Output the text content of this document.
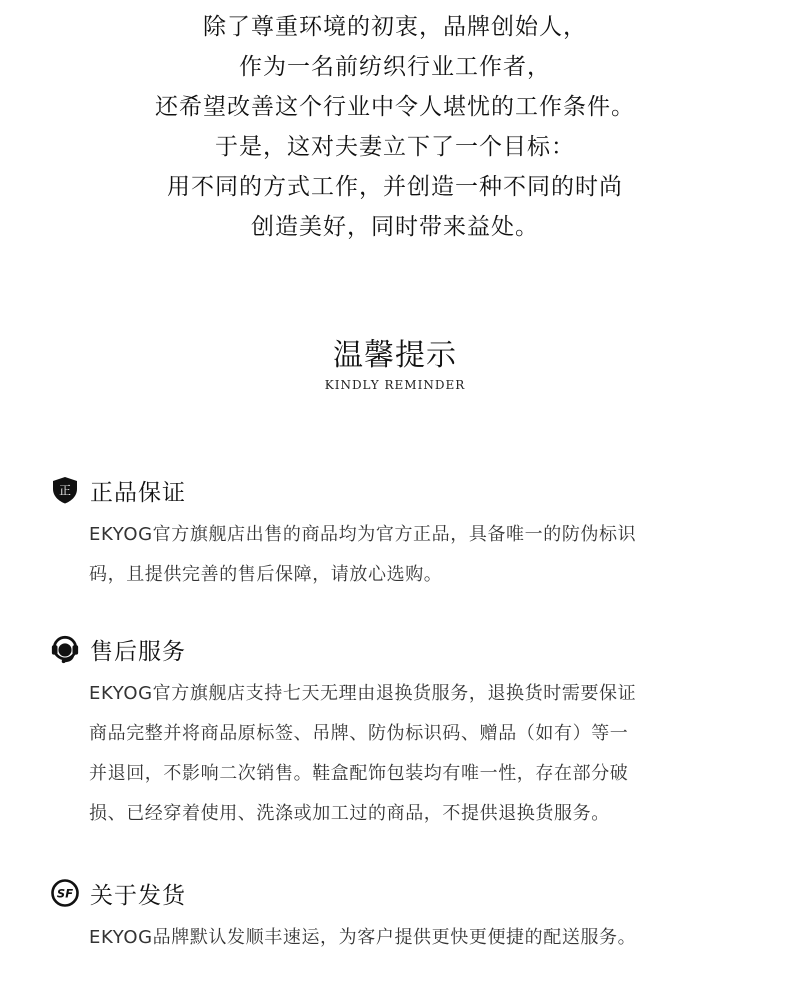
除了尊重环境的初衷，品牌创始人，
作为一名前纺织行业工作者，
还希望改善这个行业中令人堪忧的工作条件。
于是，这对夫妻立下了一个目标：
用不同的方式工作，并创造一种不同的时尚
创造美好，同时带来益处。
温馨提示
KINDLY REMINDER
正 正品保证
EKYOG官方旗舰店出售的商品均为官方正品，具备唯一的防伪标识
码，且提供完善的售后保障，请放心选购。
售后服务
EKYOG官方旗舰店支持七天无理由退换货服务，退换货时需要保证
商品完整并将商品原标签、吊牌、防伪标识码、赠品（如有）等一
并退回，不影响二次销售。鞋盒配饰包装均有唯一性，存在部分破
损、已经穿着使用、洗涤或加工过的商品，不提供退换货服务。
SF 关于发货
EKYOG品牌默认发顺丰速运，为客户提供更快更便捷的配送服务。
